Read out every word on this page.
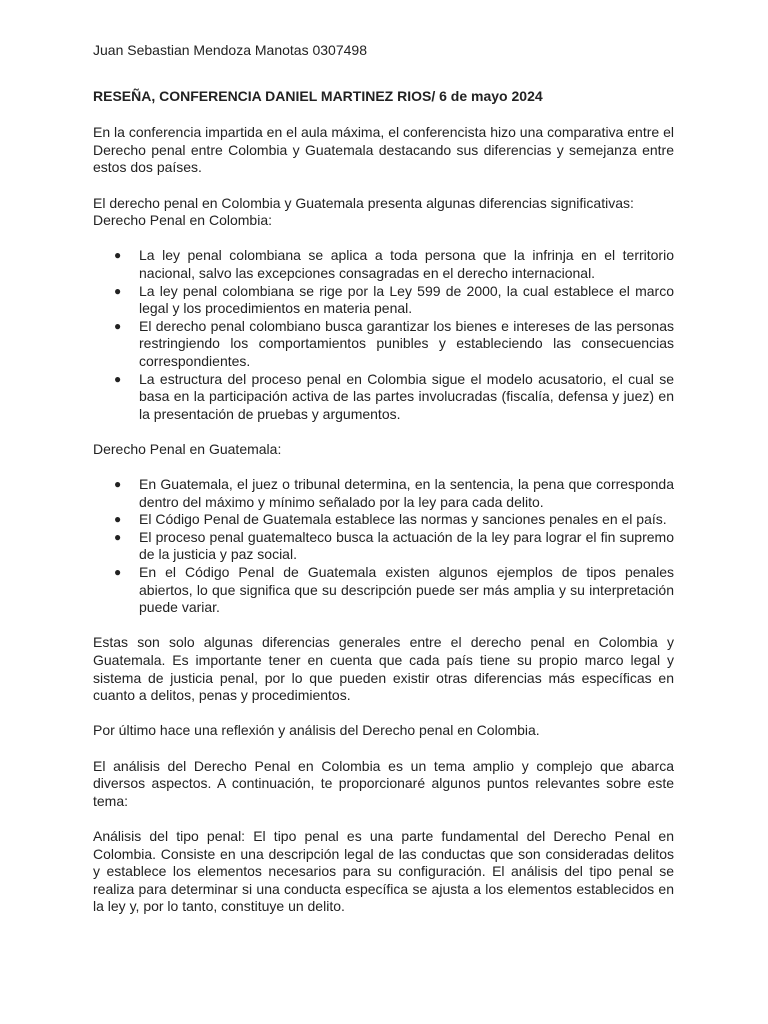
Juan Sebastian Mendoza Manotas 0307498

RESEÑA, CONFERENCIA DANIEL MARTINEZ RIOS/ 6 de mayo 2024

En la conferencia impartida en el aula máxima, el conferencista hizo una comparativa entre el Derecho penal entre Colombia y Guatemala destacando sus diferencias y semejanza entre estos dos países.

El derecho penal en Colombia y Guatemala presenta algunas diferencias significativas:

Derecho Penal en Colombia:

● La ley penal colombiana se aplica a toda persona que la infrinja en el territorio nacional, salvo las excepciones consagradas en el derecho internacional.
● La ley penal colombiana se rige por la Ley 599 de 2000, la cual establece el marco legal y los procedimientos en materia penal.
● El derecho penal colombiano busca garantizar los bienes e intereses de las personas restringiendo los comportamientos punibles y estableciendo las consecuencias correspondientes.
● La estructura del proceso penal en Colombia sigue el modelo acusatorio, el cual se basa en la participación activa de las partes involucradas (fiscalía, defensa y juez) en la presentación de pruebas y argumentos.

Derecho Penal en Guatemala:

● En Guatemala, el juez o tribunal determina, en la sentencia, la pena que corresponda dentro del máximo y mínimo señalado por la ley para cada delito.
● El Código Penal de Guatemala establece las normas y sanciones penales en el país.
● El proceso penal guatemalteco busca la actuación de la ley para lograr el fin supremo de la justicia y paz social.
● En el Código Penal de Guatemala existen algunos ejemplos de tipos penales abiertos, lo que significa que su descripción puede ser más amplia y su interpretación puede variar.

Estas son solo algunas diferencias generales entre el derecho penal en Colombia y Guatemala. Es importante tener en cuenta que cada país tiene su propio marco legal y sistema de justicia penal, por lo que pueden existir otras diferencias más específicas en cuanto a delitos, penas y procedimientos.

Por último hace una reflexión y análisis del Derecho penal en Colombia.

El análisis del Derecho Penal en Colombia es un tema amplio y complejo que abarca diversos aspectos. A continuación, te proporcionaré algunos puntos relevantes sobre este tema:

Análisis del tipo penal: El tipo penal es una parte fundamental del Derecho Penal en Colombia. Consiste en una descripción legal de las conductas que son consideradas delitos y establece los elementos necesarios para su configuración. El análisis del tipo penal se realiza para determinar si una conducta específica se ajusta a los elementos establecidos en la ley y, por lo tanto, constituye un delito.
